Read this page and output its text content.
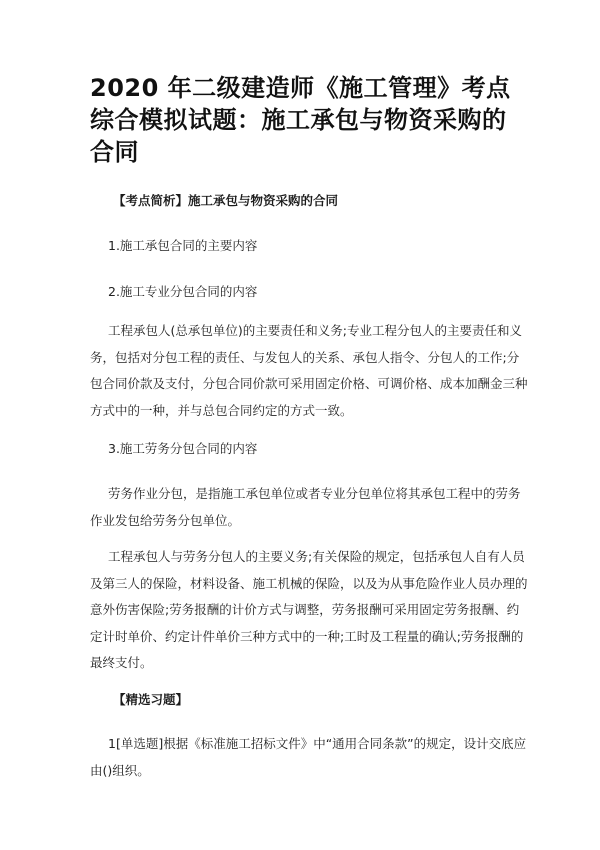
2020 年二级建造师《施工管理》考点
综合模拟试题：施工承包与物资采购的
合同

【考点简析】施工承包与物资采购的合同

1.施工承包合同的主要内容

2.施工专业分包合同的内容

工程承包人(总承包单位)的主要责任和义务;专业工程分包人的主要责任和义
务，包括对分包工程的责任、与发包人的关系、承包人指令、分包人的工作;分
包合同价款及支付，分包合同价款可采用固定价格、可调价格、成本加酬金三种
方式中的一种，并与总包合同约定的方式一致。

3.施工劳务分包合同的内容

劳务作业分包，是指施工承包单位或者专业分包单位将其承包工程中的劳务
作业发包给劳务分包单位。
工程承包人与劳务分包人的主要义务;有关保险的规定，包括承包人自有人员
及第三人的保险，材料设备、施工机械的保险，以及为从事危险作业人员办理的
意外伤害保险;劳务报酬的计价方式与调整，劳务报酬可采用固定劳务报酬、约
定计时单价、约定计件单价三种方式中的一种;工时及工程量的确认;劳务报酬的
最终支付。

【精选习题】

1[单选题]根据《标准施工招标文件》中“通用合同条款”的规定，设计交底应
由()组织。
